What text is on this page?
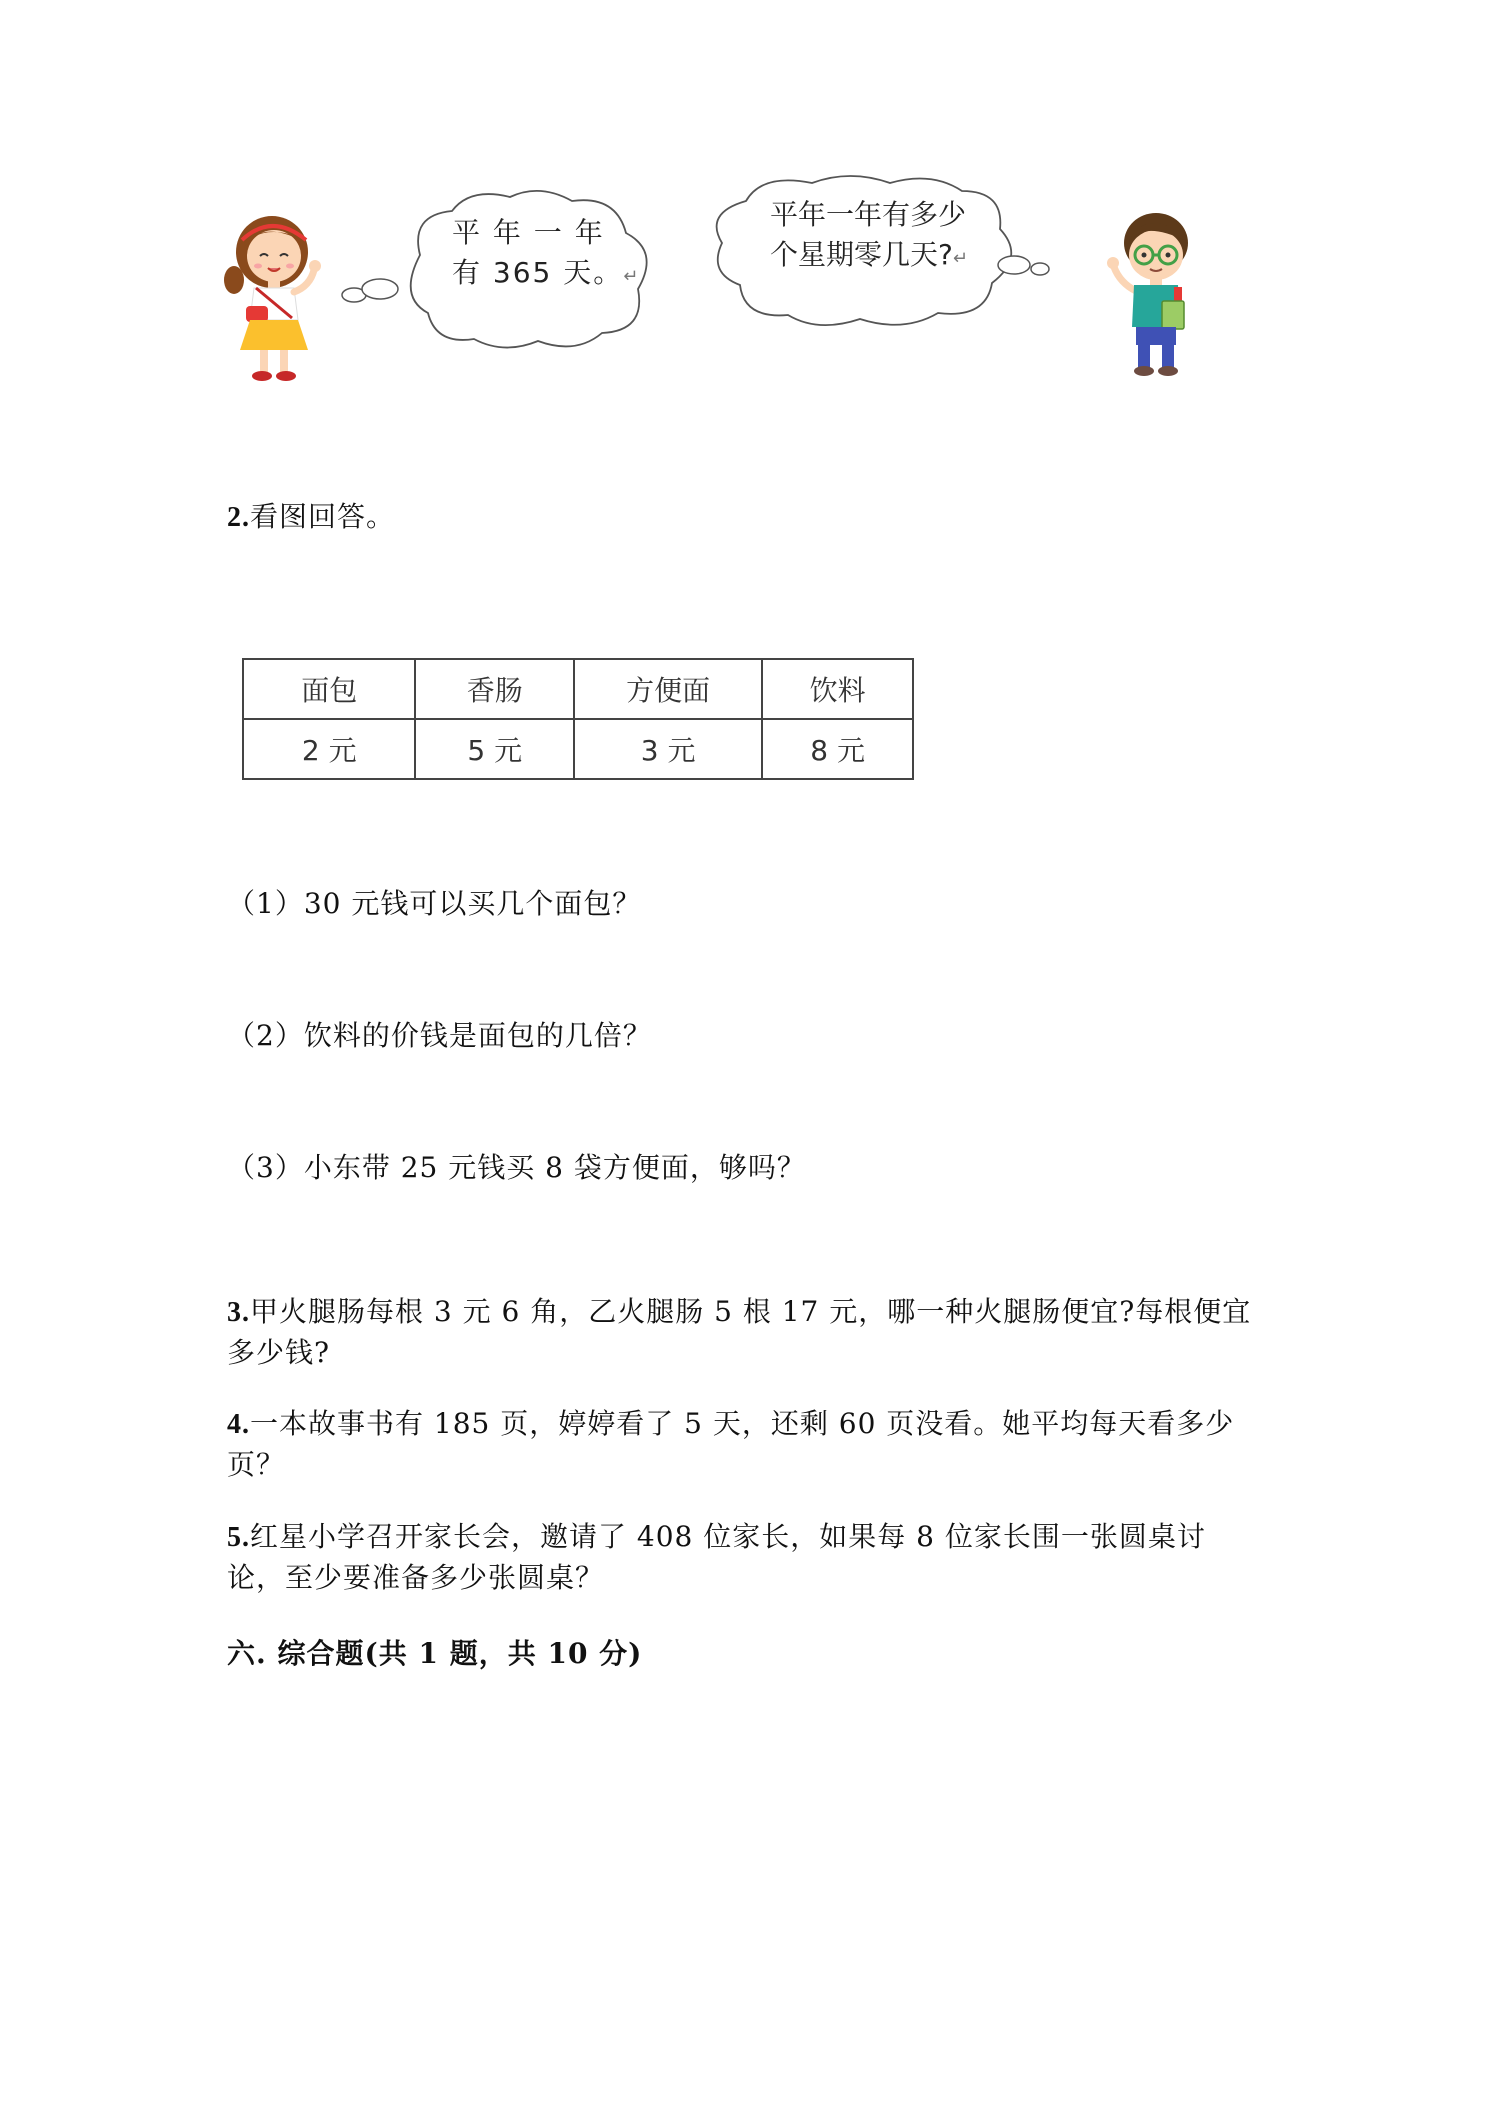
平 年 一 年
有 365 天。↵
平年一年有多少
个星期零几天?↵
2.看图回答。
面包	香肠	方便面	饮料
2 元	5 元	3 元	8 元
（1）30 元钱可以买几个面包？
（2）饮料的价钱是面包的几倍？
（3）小东带 25 元钱买 8 袋方便面，够吗？
3.甲火腿肠每根 3 元 6 角，乙火腿肠 5 根 17 元，哪一种火腿肠便宜?每根便宜
多少钱?
4.一本故事书有 185 页，婷婷看了 5 天，还剩 60 页没看。她平均每天看多少
页？
5.红星小学召开家长会，邀请了 408 位家长，如果每 8 位家长围一张圆桌讨
论，至少要准备多少张圆桌？
六. 综合题(共 1 题，共 10 分)
